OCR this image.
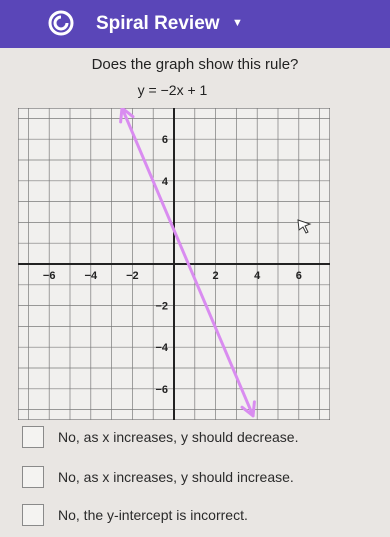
Spiral Review ▼
Does the graph show this rule?
y = −2x + 1
−6	−4	−2	2	4	6
6
4
−2
−4
−6
No, as x increases, y should decrease.
No, as x increases, y should increase.
No, the y-intercept is incorrect.
